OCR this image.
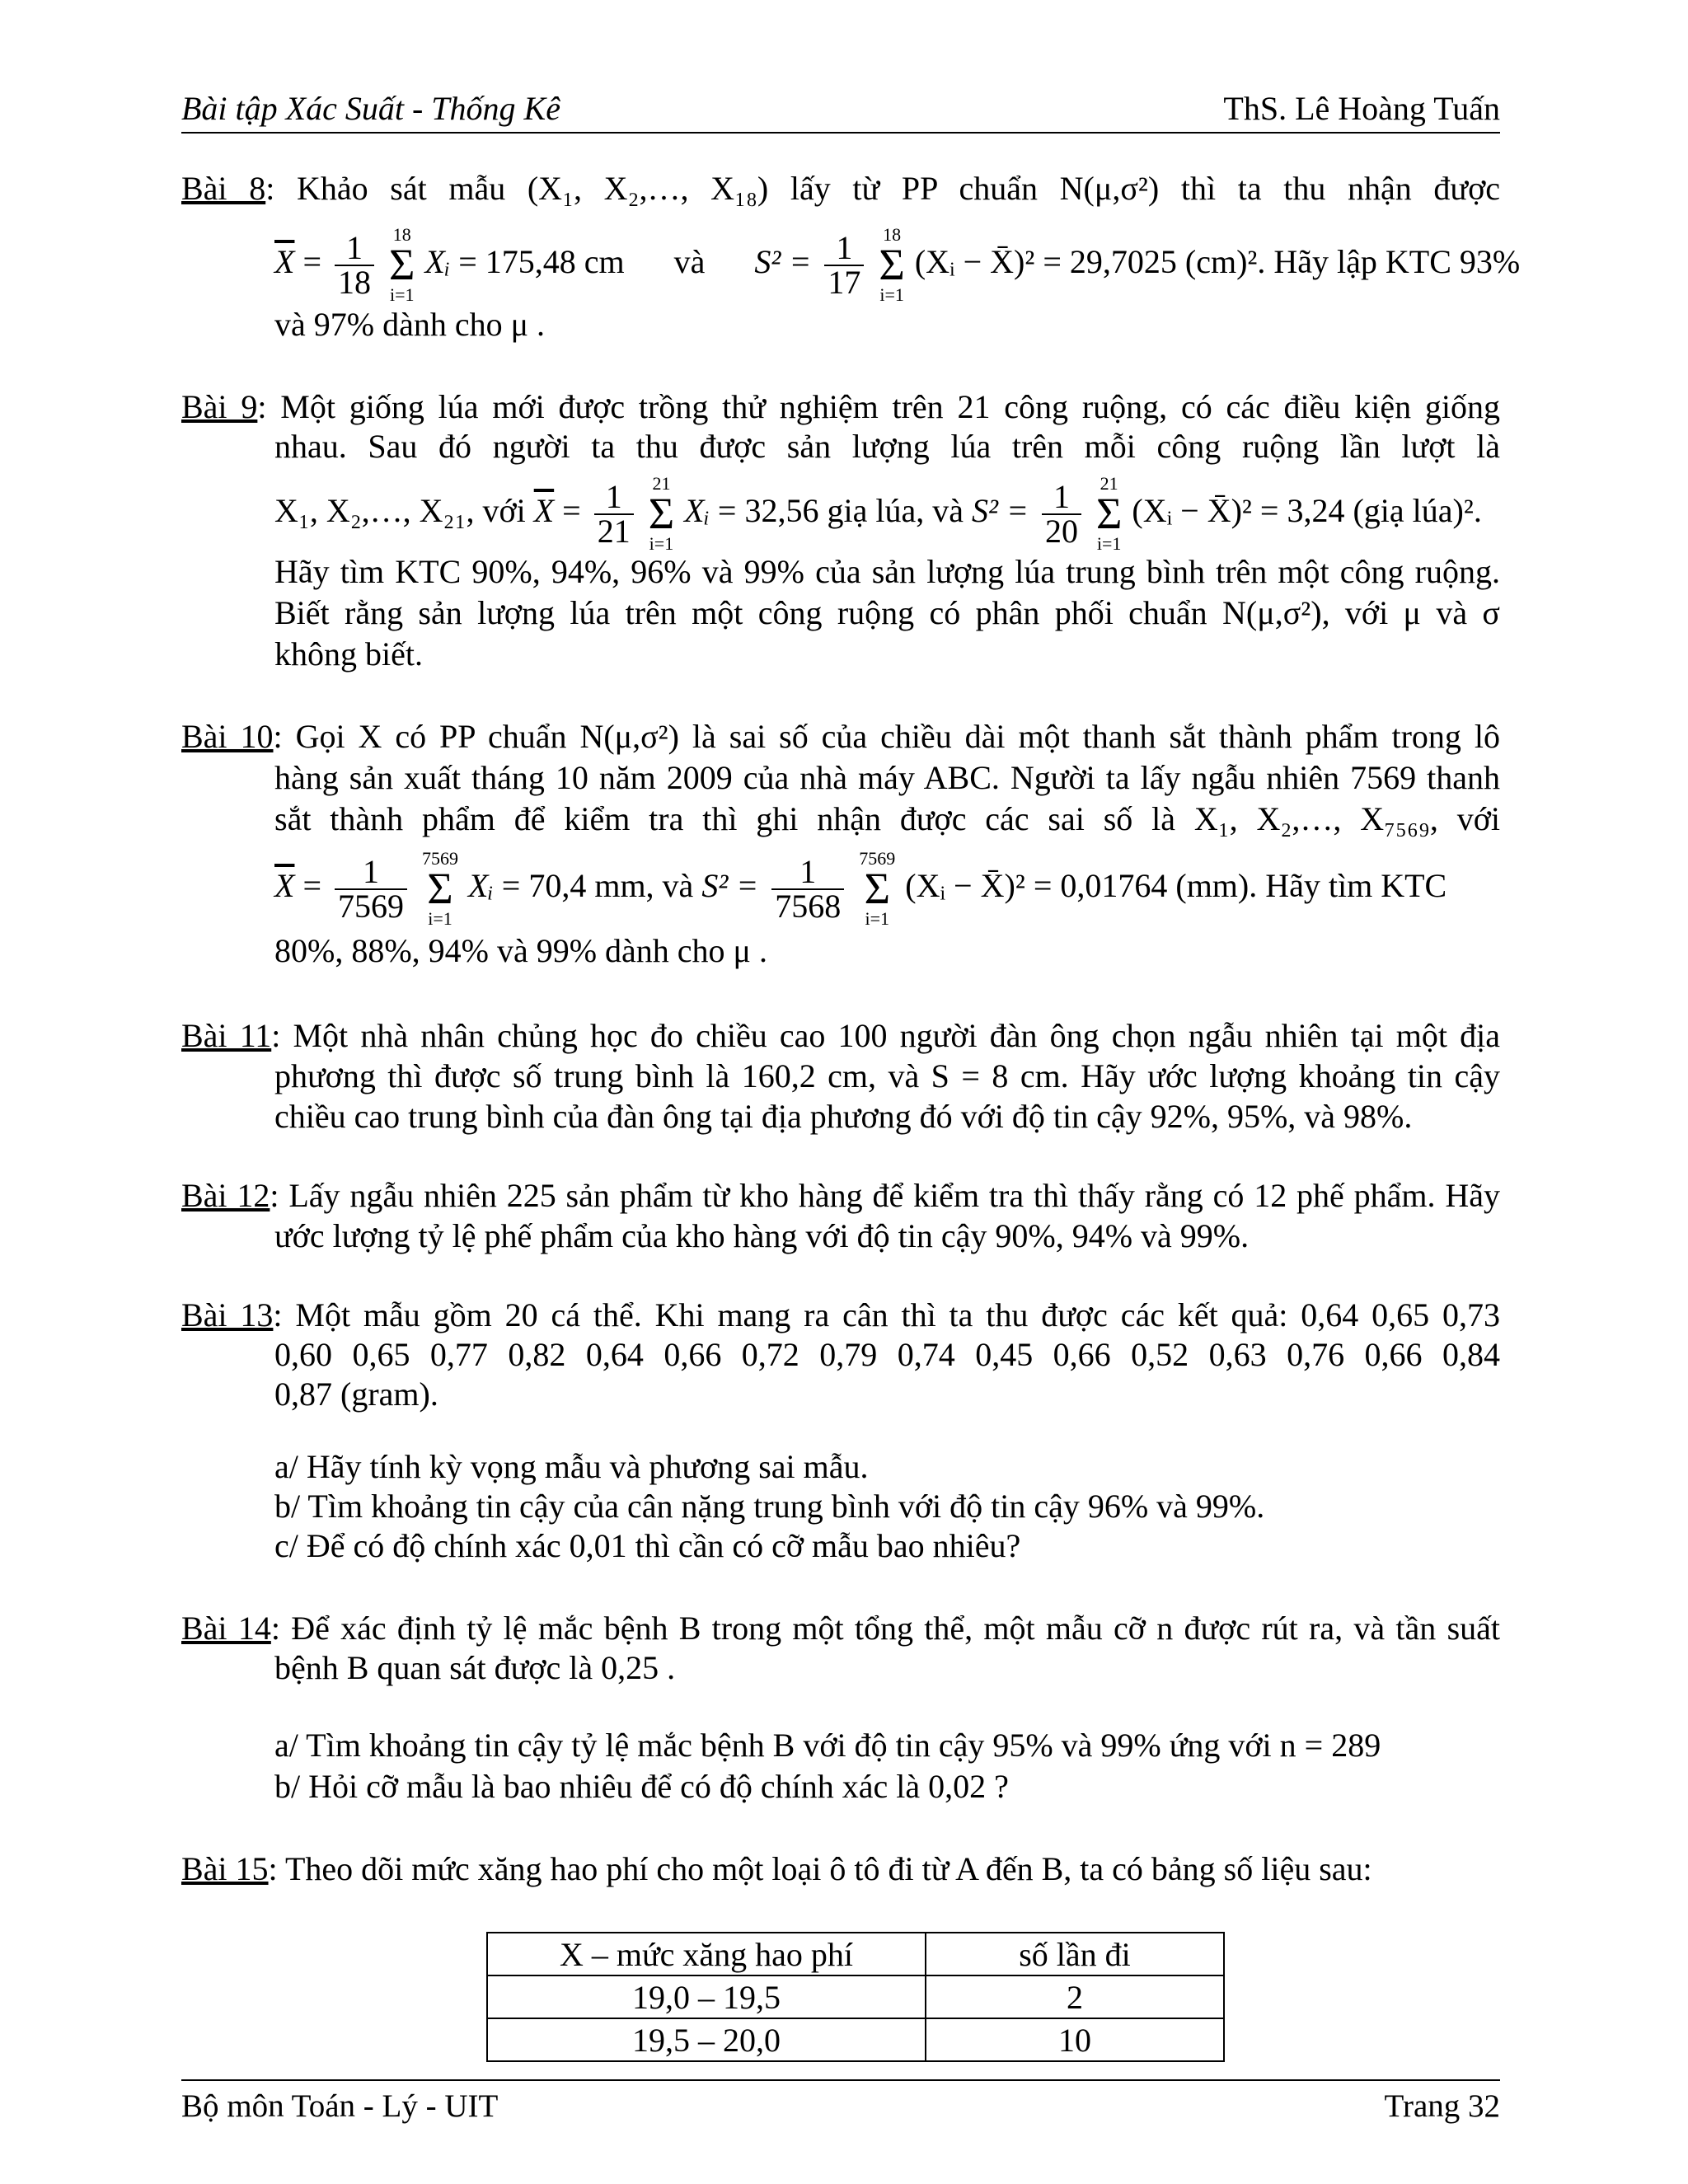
Bài tập Xác Suất - Thống Kê	ThS. Lê Hoàng Tuấn
Bài 8: Khảo sát mẫu (X₁, X₂,…, X₁₈) lấy từ PP chuẩn N(μ,σ²) thì ta thu nhận được
$\overline{X} = \frac{1}{18}$
18
Σ
i=1
Xᵢ = 175,48 cm và $S^2 = \frac{1}{17}$
18
Σ
i=1
(Xᵢ − X̄)² = 29,7025 (cm)². Hãy lập KTC 93%
và 97% dành cho μ .
Bài 9: Một giống lúa mới được trồng thử nghiệm trên 21 công ruộng, có các điều kiện giống
nhau. Sau đó người ta thu được sản lượng lúa trên mỗi công ruộng lần lượt là
X₁, X₂,…, X₂₁, với $\overline{X} = \frac{1}{21}$
21
Σ
i=1
Xᵢ = 32,56 giạ lúa, và $S^2 = \frac{1}{20}$
21
Σ
i=1
(Xᵢ − X̄)² = 3,24 (giạ lúa)².
Hãy tìm KTC 90%, 94%, 96% và 99% của sản lượng lúa trung bình trên một công ruộng.
Biết rằng sản lượng lúa trên một công ruộng có phân phối chuẩn N(μ,σ²), với μ và σ
không biết.
Bài 10: Gọi X có PP chuẩn N(μ,σ²) là sai số của chiều dài một thanh sắt thành phẩm trong lô
hàng sản xuất tháng 10 năm 2009 của nhà máy ABC. Người ta lấy ngẫu nhiên 7569 thanh
sắt thành phẩm để kiểm tra thì ghi nhận được các sai số là X₁, X₂,…, X₇₅₆₉, với
$\overline{X} = \frac{1}{7569}$
7569
Σ
i=1
Xᵢ = 70,4 mm, và $S^2 = \frac{1}{7568}$
7569
Σ
i=1
(Xᵢ − X̄)² = 0,01764 (mm). Hãy tìm KTC
80%, 88%, 94% và 99% dành cho μ .
Bài 11: Một nhà nhân chủng học đo chiều cao 100 người đàn ông chọn ngẫu nhiên tại một địa
phương thì được số trung bình là 160,2 cm, và S = 8 cm. Hãy ước lượng khoảng tin cậy
chiều cao trung bình của đàn ông tại địa phương đó với độ tin cậy 92%, 95%, và 98%.
Bài 12: Lấy ngẫu nhiên 225 sản phẩm từ kho hàng để kiểm tra thì thấy rằng có 12 phế phẩm. Hãy
ước lượng tỷ lệ phế phẩm của kho hàng với độ tin cậy 90%, 94% và 99%.
Bài 13: Một mẫu gồm 20 cá thể. Khi mang ra cân thì ta thu được các kết quả: 0,64 0,65 0,73
0,60 0,65 0,77 0,82 0,64 0,66 0,72 0,79 0,74 0,45 0,66 0,52 0,63 0,76 0,66 0,84
0,87 (gram).
a/ Hãy tính kỳ vọng mẫu và phương sai mẫu.
b/ Tìm khoảng tin cậy của cân nặng trung bình với độ tin cậy 96% và 99%.
c/ Để có độ chính xác 0,01 thì cần có cỡ mẫu bao nhiêu?
Bài 14: Để xác định tỷ lệ mắc bệnh B trong một tổng thể, một mẫu cỡ n được rút ra, và tần suất
bệnh B quan sát được là 0,25 .
a/ Tìm khoảng tin cậy tỷ lệ mắc bệnh B với độ tin cậy 95% và 99% ứng với n = 289
b/ Hỏi cỡ mẫu là bao nhiêu để có độ chính xác là 0,02 ?
Bài 15: Theo dõi mức xăng hao phí cho một loại ô tô đi từ A đến B, ta có bảng số liệu sau:
X – mức xăng hao phí	số lần đi
19,0 – 19,5	2
19,5 – 20,0	10
Bộ môn Toán - Lý - UIT	Trang 32
